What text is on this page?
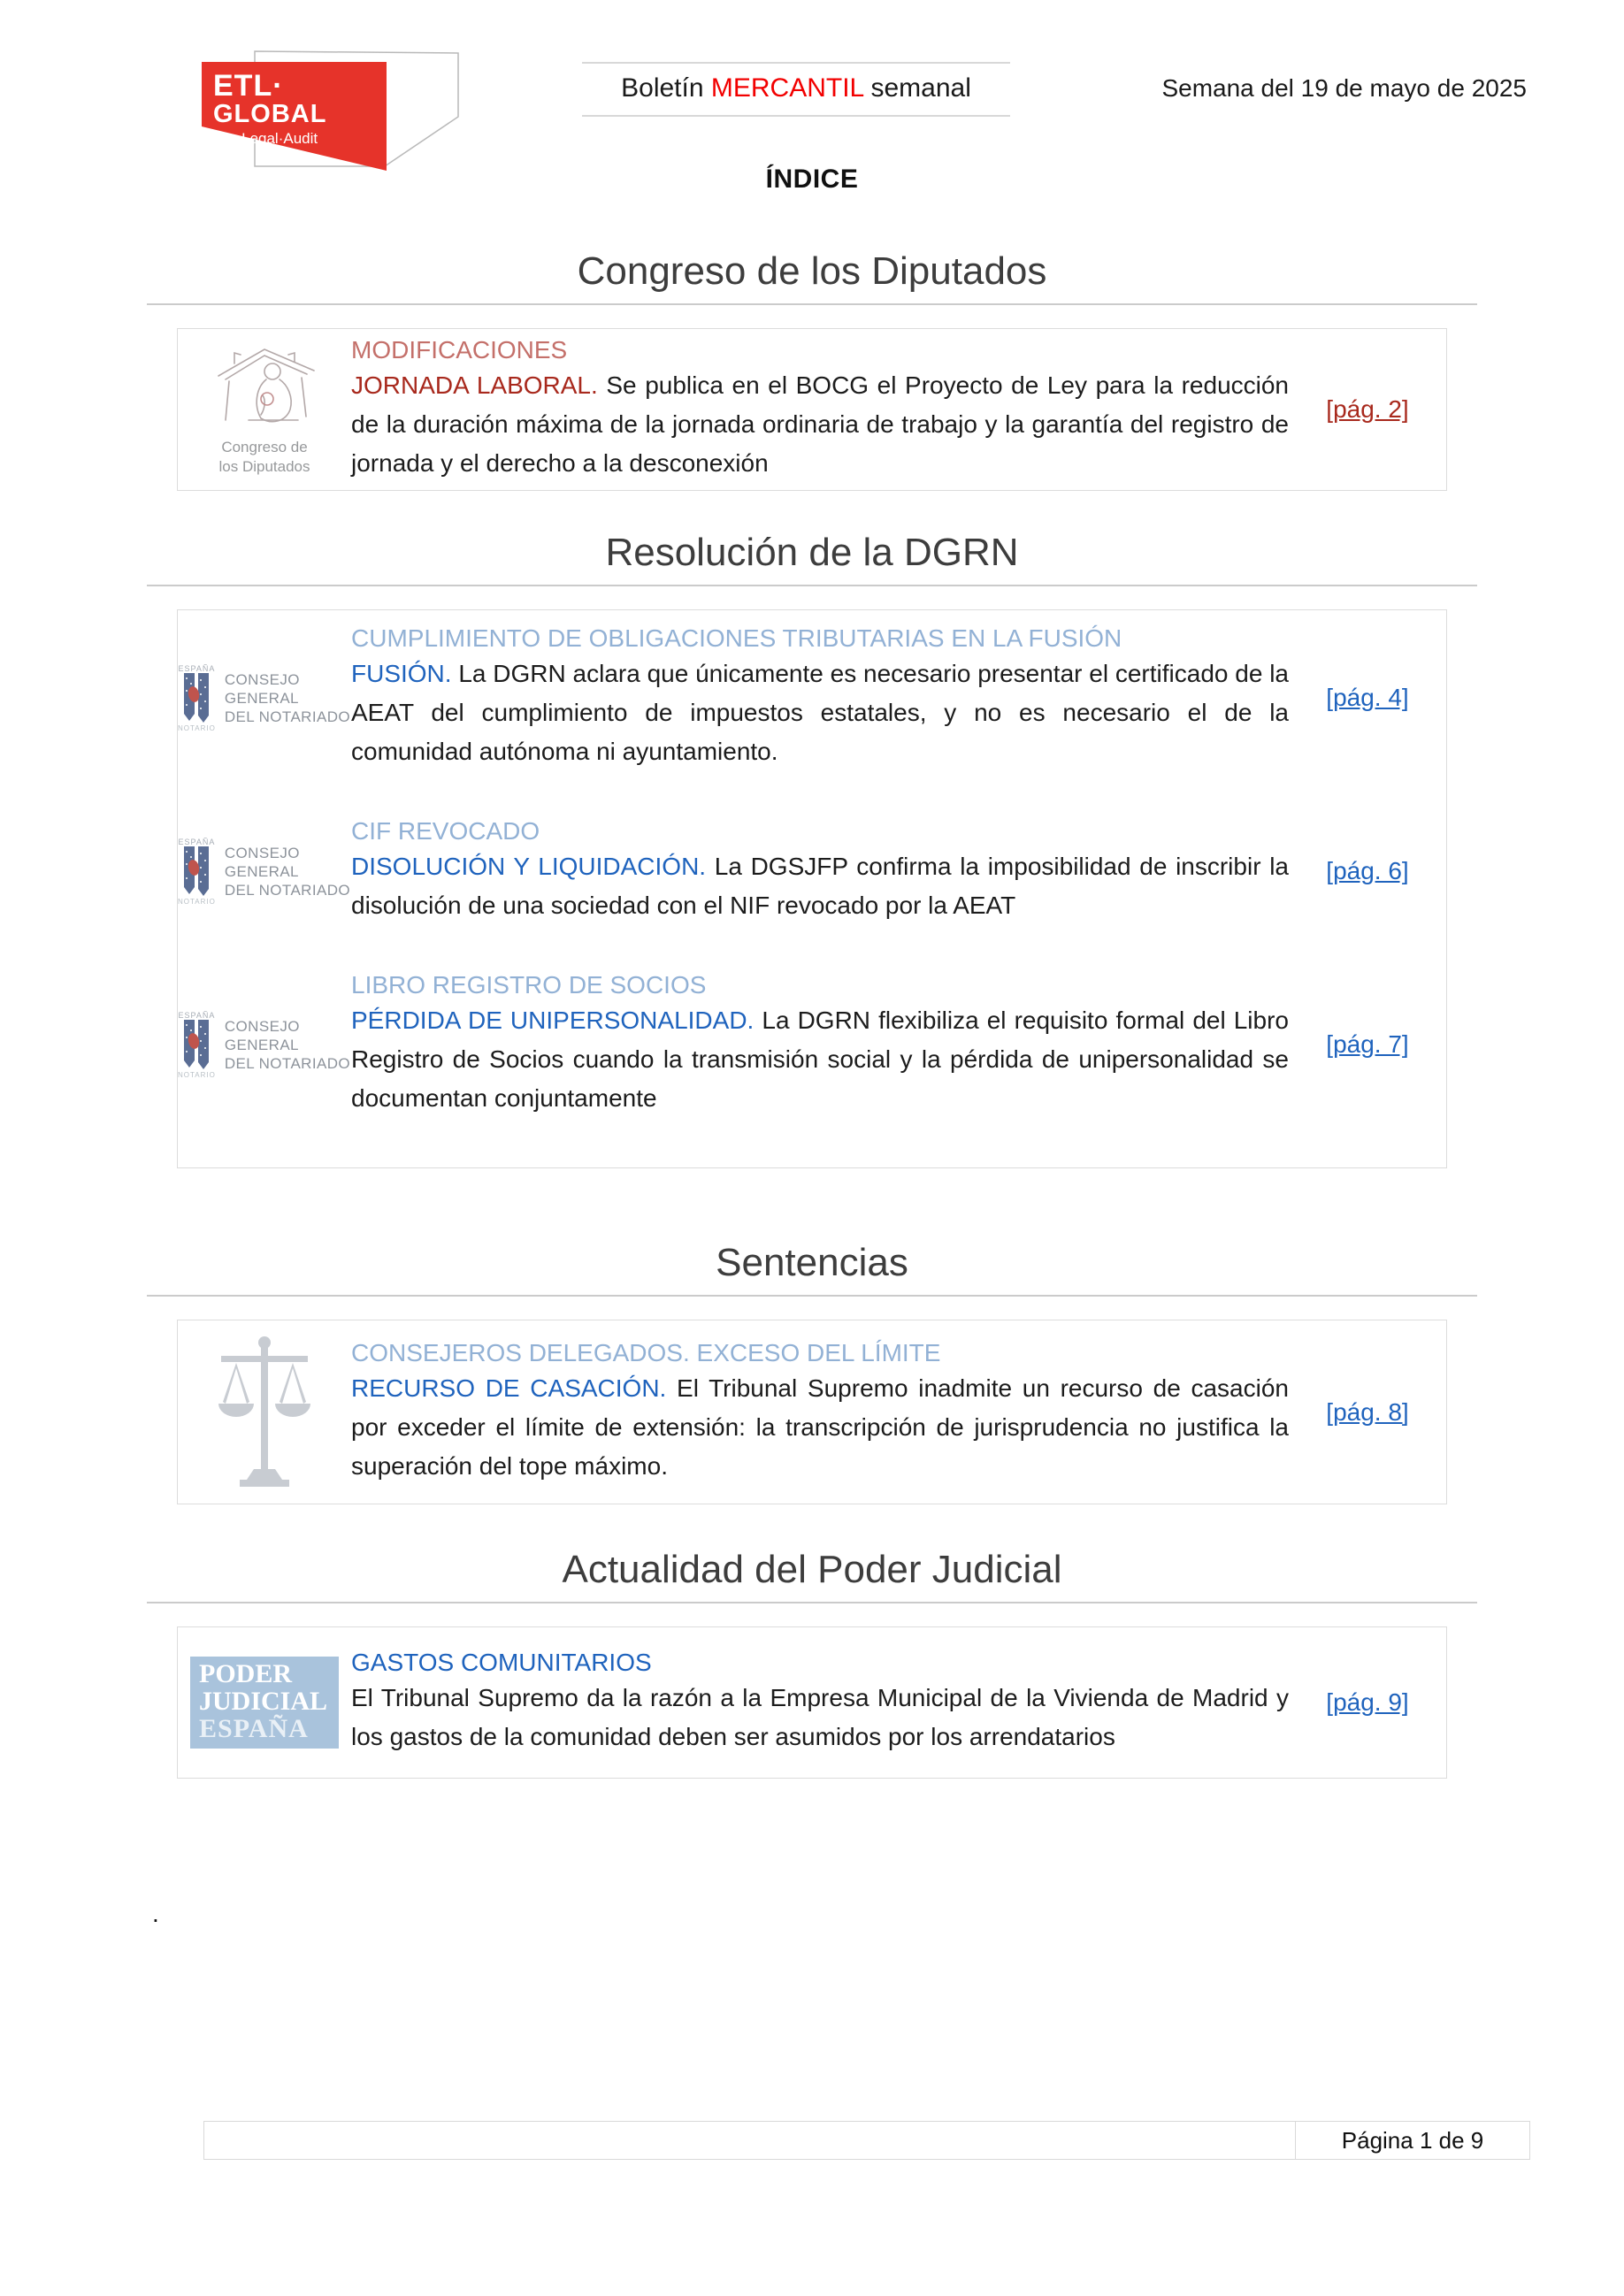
ETL·
GLOBAL
Tax·Legal·Audit
Boletín MERCANTIL semanal	Semana del 19 de mayo de 2025
ÍNDICE
Congreso de los Diputados
Congreso de
los Diputados
MODIFICACIONES

JORNADA LABORAL. Se publica en el BOCG el Proyecto de Ley para la reducción de la duración máxima de la jornada ordinaria de trabajo y la garantía del registro de jornada y el derecho a la desconexión

[pág. 2]
Resolución de la DGRN
ESPAÑA
NOTARIO
CONSEJO GENERAL
DEL NOTARIADO
CUMPLIMIENTO DE OBLIGACIONES TRIBUTARIAS EN LA FUSIÓN

FUSIÓN. La DGRN aclara que únicamente es necesario presentar el certificado de la AEAT del cumplimiento de impuestos estatales, y no es necesario el de la comunidad autónoma ni ayuntamiento.

[pág. 4]
ESPAÑA
NOTARIO
CONSEJO GENERAL
DEL NOTARIADO
CIF REVOCADO

DISOLUCIÓN Y LIQUIDACIÓN. La DGSJFP confirma la imposibilidad de inscribir la disolución de una sociedad con el NIF revocado por la AEAT

[pág. 6]
ESPAÑA
NOTARIO
CONSEJO GENERAL
DEL NOTARIADO
LIBRO REGISTRO DE SOCIOS

PÉRDIDA DE UNIPERSONALIDAD. La DGRN flexibiliza el requisito formal del Libro Registro de Socios cuando la transmisión social y la pérdida de unipersonalidad se documentan conjuntamente

[pág. 7]
Sentencias
CONSEJEROS DELEGADOS. EXCESO DEL LÍMITE

RECURSO DE CASACIÓN. El Tribunal Supremo inadmite un recurso de casación por exceder el límite de extensión: la transcripción de jurisprudencia no justifica la superación del tope máximo.

[pág. 8]
Actualidad del Poder Judicial
PODER
JUDICIAL
ESPAÑA
GASTOS COMUNITARIOS

El Tribunal Supremo da la razón a la Empresa Municipal de la Vivienda de Madrid y los gastos de la comunidad deben ser asumidos por los arrendatarios

[pág. 9]
.
Página 1 de 9
